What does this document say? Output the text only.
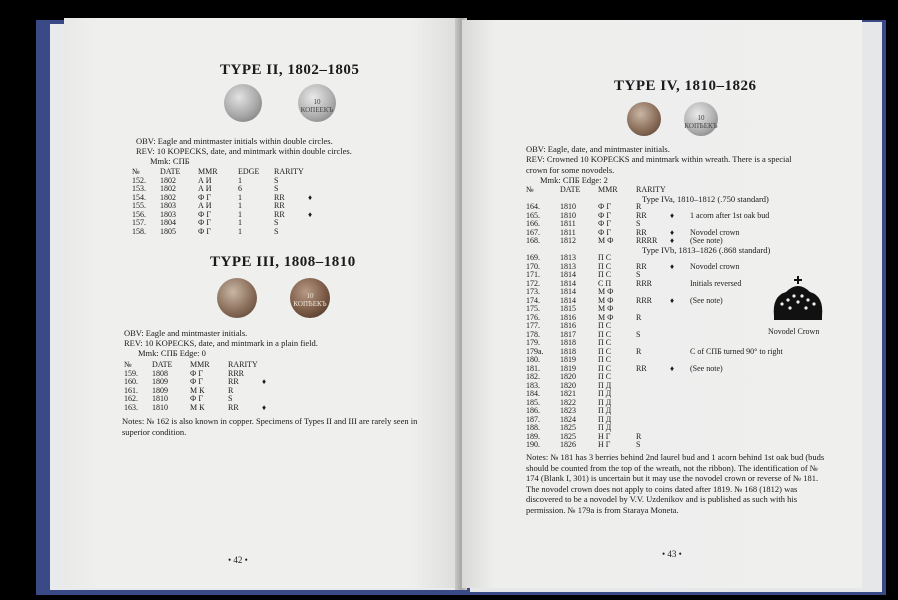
TYPE II, 1802–1805
10 КОПЕЕКЪ
OBV: Eagle and mintmaster initials within double circles.
REV: 10 KOPECKS, date, and mintmark within double circles.
Mmk: СПБ
№	DATE	MMR	EDGE	RARITY	
152.	1802	А И	1	S	
153.	1802	А И	6	S	
154.	1802	Ф Г	1	RR	♦
155.	1803	А И	1	RR	
156.	1803	Ф Г	1	RR	♦
157.	1804	Ф Г	1	S	
158.	1805	Ф Г	1	S	
TYPE III, 1808–1810
10 КОПѢЕКЪ
OBV: Eagle and mintmaster initials.
REV: 10 KOPECKS, date, and mintmark in a plain field.
Mmk: СПБ Edge: 0
№	DATE	MMR	RARITY	
159.	1808	Ф Г	RRR	
160.	1809	Ф Г	RR	♦
161.	1809	М К	R	
162.	1810	Ф Г	S	
163.	1810	М К	RR	♦
Notes: № 162 is also known in copper. Specimens of Types II and III are rarely seen in superior condition.
• 42 •
TYPE IV, 1810–1826
10 КОПѢЕКЪ
OBV: Eagle, date, and mintmaster initials.
REV: Crowned 10 KOPECKS and mintmark within wreath. There is a special crown for some novodels.
Mmk: СПБ Edge: 2
№	DATE	MMR	RARITY		
Type IVa, 1810–1812 (.750 standard)					
164.	1810	Ф Г	R		
165.	1810	Ф Г	RR	♦	1 acorn after 1st oak bud
166.	1811	Ф Г	S		
167.	1811	Ф Г	RR	♦	Novodel crown
168.	1812	М Ф	RRRR	♦	(See note)
Type IVb, 1813–1826 (.868 standard)					
169.	1813	П С			
170.	1813	П С	RR	♦	Novodel crown
171.	1814	П С	S		
172.	1814	С П	RRR		Initials reversed
173.	1814	М Ф			
174.	1814	М Ф	RRR	♦	(See note)
175.	1815	М Ф			
176.	1816	М Ф	R		
177.	1816	П С			
178.	1817	П С	S		
179.	1818	П С			
179a.	1818	П С	R		C of СПБ turned 90° to right
180.	1819	П С			
181.	1819	П С	RR	♦	(See note)
182.	1820	П С			
183.	1820	П Д			
184.	1821	П Д			
185.	1822	П Д			
186.	1823	П Д			
187.	1824	П Д			
188.	1825	П Д			
189.	1825	Н Г	R		
190.	1826	Н Г	S		
Novodel Crown
Notes: № 181 has 3 berries behind 2nd laurel bud and 1 acorn behind 1st oak bud (buds should be counted from the top of the wreath, not the ribbon). The identification of № 174 (Blank I, 301) is uncertain but it may use the novodel crown or reverse of № 181. The novodel crown does not apply to coins dated after 1819. № 168 (1812) was discovered to be a novodel by V.V. Uzdenikov and is published as such with his permission. № 179a is from Staraya Moneta.
• 43 •
